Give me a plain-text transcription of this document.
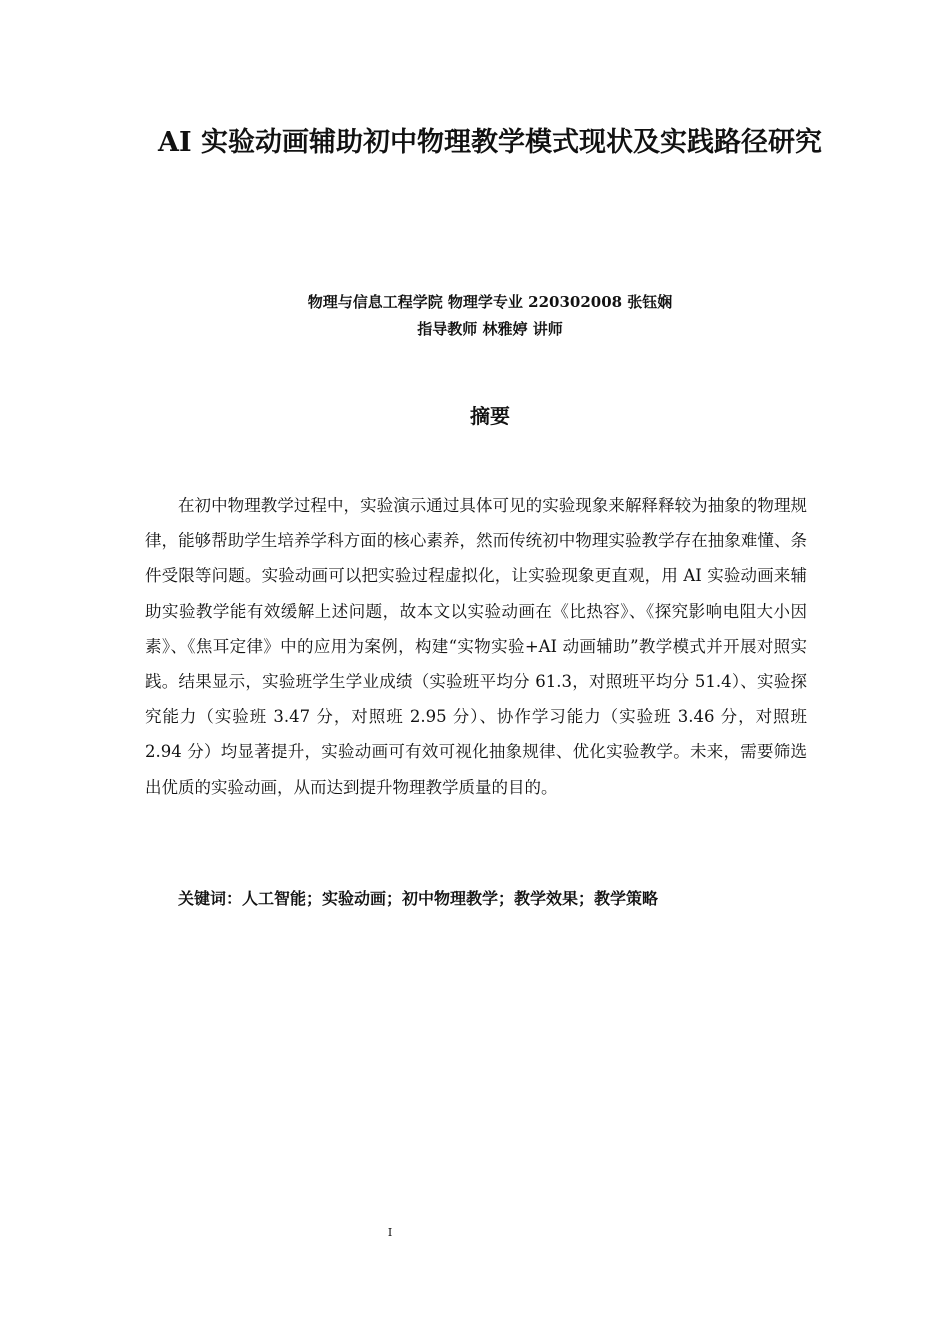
AI 实验动画辅助初中物理教学模式现状及实践路径研究

物理与信息工程学院 物理学专业 220302008 张钰娴

指导教师 林雅婷 讲师

摘要

在初中物理教学过程中，实验演示通过具体可见的实验现象来解释释较为抽象的物理规律，能够帮助学生培养学科方面的核心素养，然而传统初中物理实验教学存在抽象难懂、条件受限等问题。实验动画可以把实验过程虚拟化，让实验现象更直观，用 AI 实验动画来辅助实验教学能有效缓解上述问题，故本文以实验动画在《比热容》、《探究影响电阻大小因素》、《焦耳定律》中的应用为案例，构建“实物实验+AI 动画辅助”教学模式并开展对照实践。结果显示，实验班学生学业成绩（实验班平均分 61.3，对照班平均分 51.4）、实验探究能力（实验班 3.47 分，对照班 2.95 分）、协作学习能力（实验班 3.46 分，对照班 2.94 分）均显著提升，实验动画可有效可视化抽象规律、优化实验教学。未来，需要筛选出优质的实验动画，从而达到提升物理教学质量的目的。

关键词：人工智能；实验动画；初中物理教学；教学效果；教学策略

I
